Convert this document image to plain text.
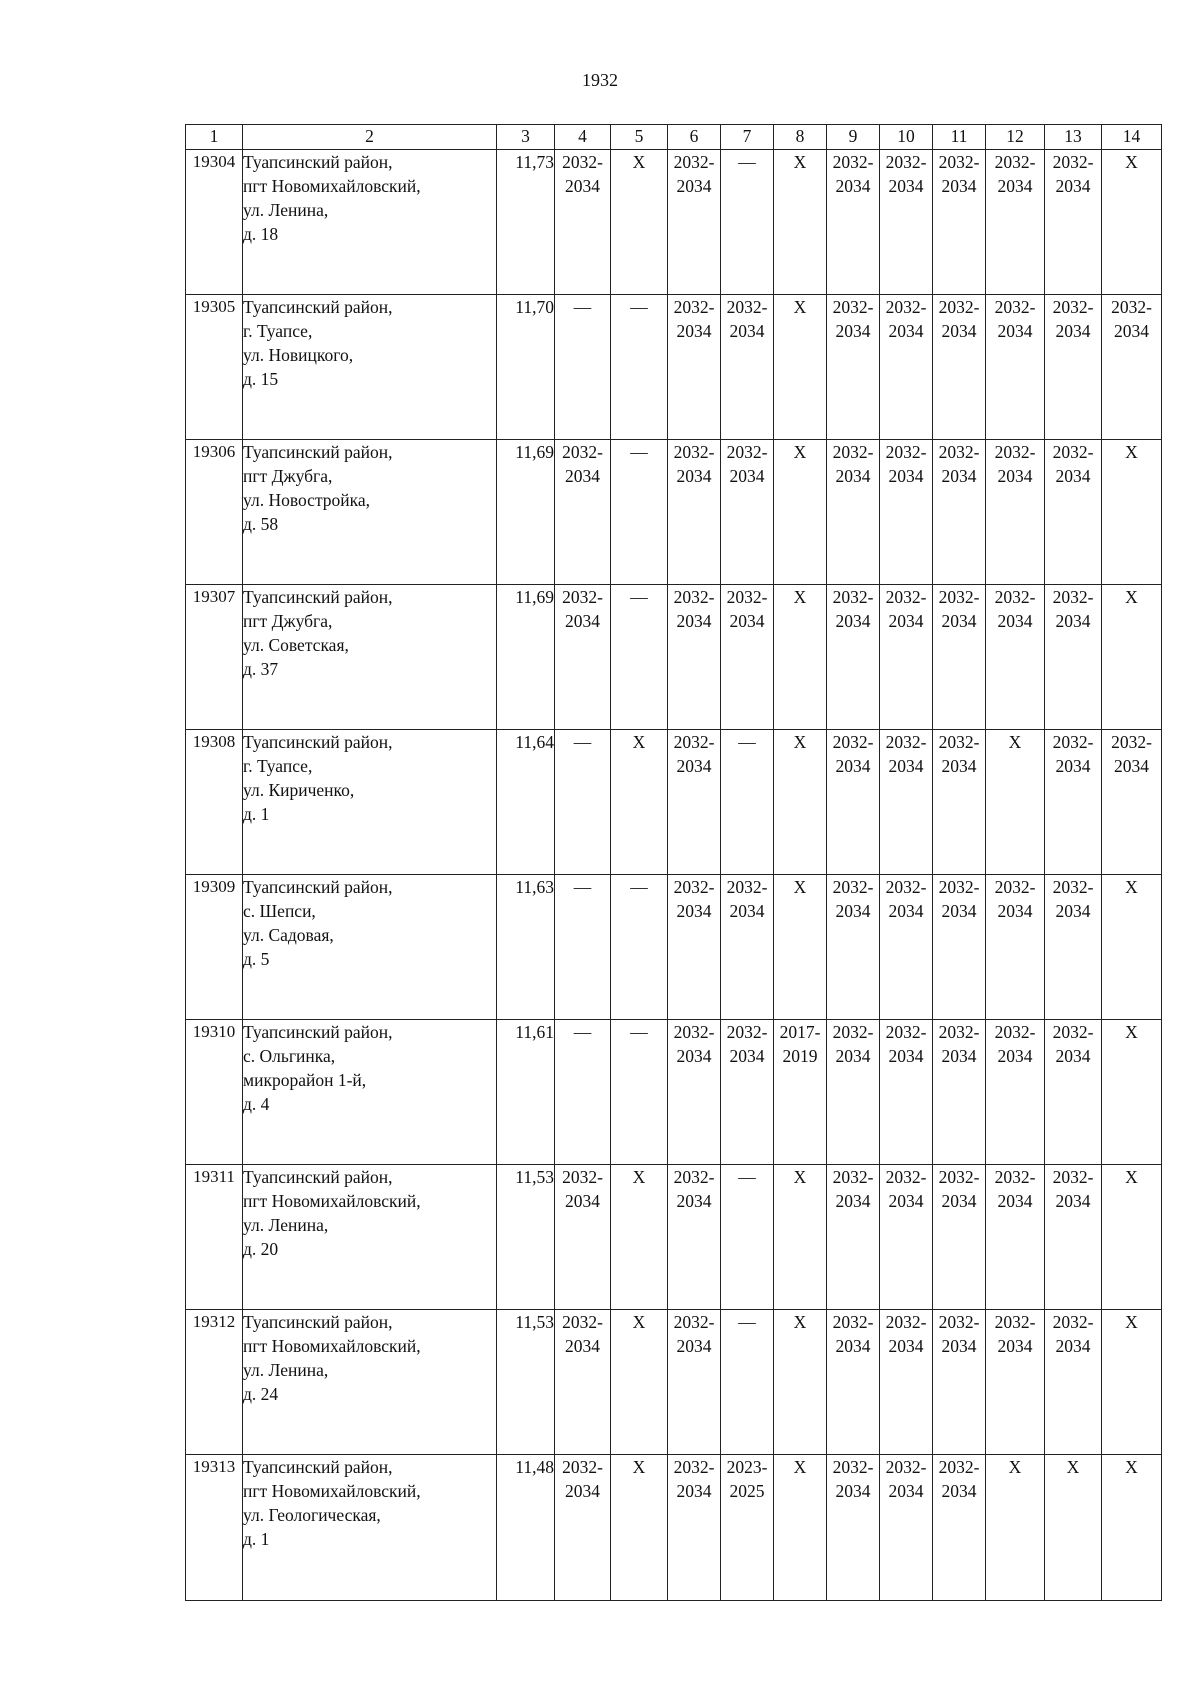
1932
1	2	3	4	5	6	7	8	9	10	11	12	13	14
19304	Туапсинский район,
пгт Новомихайловский,
ул. Ленина,
д. 18	11,73	2032-
2034	X	2032-
2034	—	X	2032-
2034	2032-
2034	2032-
2034	2032-
2034	2032-
2034	X

19305	Туапсинский район,
г. Туапсе,
ул. Новицкого,
д. 15	11,70	—	—	2032-
2034	2032-
2034	X	2032-
2034	2032-
2034	2032-
2034	2032-
2034	2032-
2034	2032-
2034

19306	Туапсинский район,
пгт Джубга,
ул. Новостройка,
д. 58	11,69	2032-
2034	—	2032-
2034	2032-
2034	X	2032-
2034	2032-
2034	2032-
2034	2032-
2034	2032-
2034	X

19307	Туапсинский район,
пгт Джубга,
ул. Советская,
д. 37	11,69	2032-
2034	—	2032-
2034	2032-
2034	X	2032-
2034	2032-
2034	2032-
2034	2032-
2034	2032-
2034	X

19308	Туапсинский район,
г. Туапсе,
ул. Кириченко,
д. 1	11,64	—	X	2032-
2034	—	X	2032-
2034	2032-
2034	2032-
2034	X	2032-
2034	2032-
2034

19309	Туапсинский район,
с. Шепси,
ул. Садовая,
д. 5	11,63	—	—	2032-
2034	2032-
2034	X	2032-
2034	2032-
2034	2032-
2034	2032-
2034	2032-
2034	X

19310	Туапсинский район,
с. Ольгинка,
микрорайон 1-й,
д. 4	11,61	—	—	2032-
2034	2032-
2034	2017-
2019	2032-
2034	2032-
2034	2032-
2034	2032-
2034	2032-
2034	X

19311	Туапсинский район,
пгт Новомихайловский,
ул. Ленина,
д. 20	11,53	2032-
2034	X	2032-
2034	—	X	2032-
2034	2032-
2034	2032-
2034	2032-
2034	2032-
2034	X

19312	Туапсинский район,
пгт Новомихайловский,
ул. Ленина,
д. 24	11,53	2032-
2034	X	2032-
2034	—	X	2032-
2034	2032-
2034	2032-
2034	2032-
2034	2032-
2034	X

19313	Туапсинский район,
пгт Новомихайловский,
ул. Геологическая,
д. 1	11,48	2032-
2034	X	2032-
2034	2023-
2025	X	2032-
2034	2032-
2034	2032-
2034	X	X	X
